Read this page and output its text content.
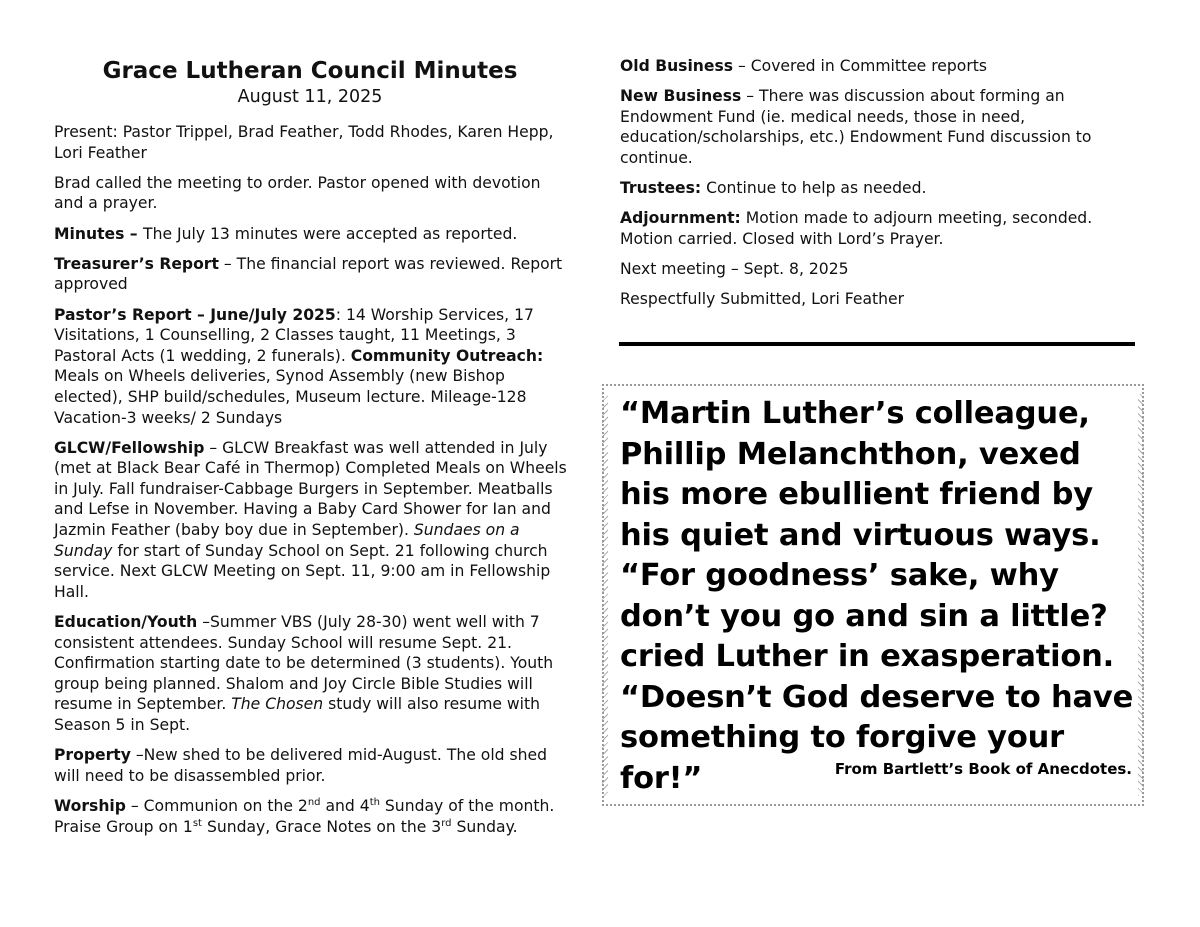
Grace Lutheran Council Minutes
August 11, 2025

Present: Pastor Trippel, Brad Feather, Todd Rhodes, Karen Hepp, Lori Feather

Brad called the meeting to order. Pastor opened with devotion and a prayer.

Minutes – The July 13 minutes were accepted as reported.

Treasurer’s Report – The financial report was reviewed. Report approved

Pastor’s Report – June/July 2025: 14 Worship Services, 17 Visitations, 1 Counselling, 2 Classes taught, 11 Meetings, 3 Pastoral Acts (1 wedding, 2 funerals). Community Outreach: Meals on Wheels deliveries, Synod Assembly (new Bishop elected), SHP build/schedules, Museum lecture. Mileage-128 Vacation-3 weeks/ 2 Sundays

GLCW/Fellowship – GLCW Breakfast was well attended in July (met at Black Bear Café in Thermop) Completed Meals on Wheels in July. Fall fundraiser-Cabbage Burgers in September. Meatballs and Lefse in November. Having a Baby Card Shower for Ian and Jazmin Feather (baby boy due in September). Sundaes on a Sunday for start of Sunday School on Sept. 21 following church service. Next GLCW Meeting on Sept. 11, 9:00 am in Fellowship Hall.

Education/Youth –Summer VBS (July 28-30) went well with 7 consistent attendees. Sunday School will resume Sept. 21. Confirmation starting date to be determined (3 students). Youth group being planned. Shalom and Joy Circle Bible Studies will resume in September. The Chosen study will also resume with Season 5 in Sept.

Property –New shed to be delivered mid-August. The old shed will need to be disassembled prior.

Worship – Communion on the 2nd and 4th Sunday of the month. Praise Group on 1st Sunday, Grace Notes on the 3rd Sunday.

Old Business – Covered in Committee reports

New Business – There was discussion about forming an Endowment Fund (ie. medical needs, those in need, education/scholarships, etc.) Endowment Fund discussion to continue.

Trustees: Continue to help as needed.

Adjournment: Motion made to adjourn meeting, seconded. Motion carried. Closed with Lord’s Prayer.

Next meeting – Sept. 8, 2025

Respectfully Submitted, Lori Feather

“Martin Luther’s colleague, Phillip Melanchthon, vexed his more ebullient friend by his quiet and virtuous ways. “For goodness’ sake, why don’t you go and sin a little? cried Luther in exasperation. “Doesn’t God deserve to have something to forgive your for!”	From Bartlett’s Book of Anecdotes.
